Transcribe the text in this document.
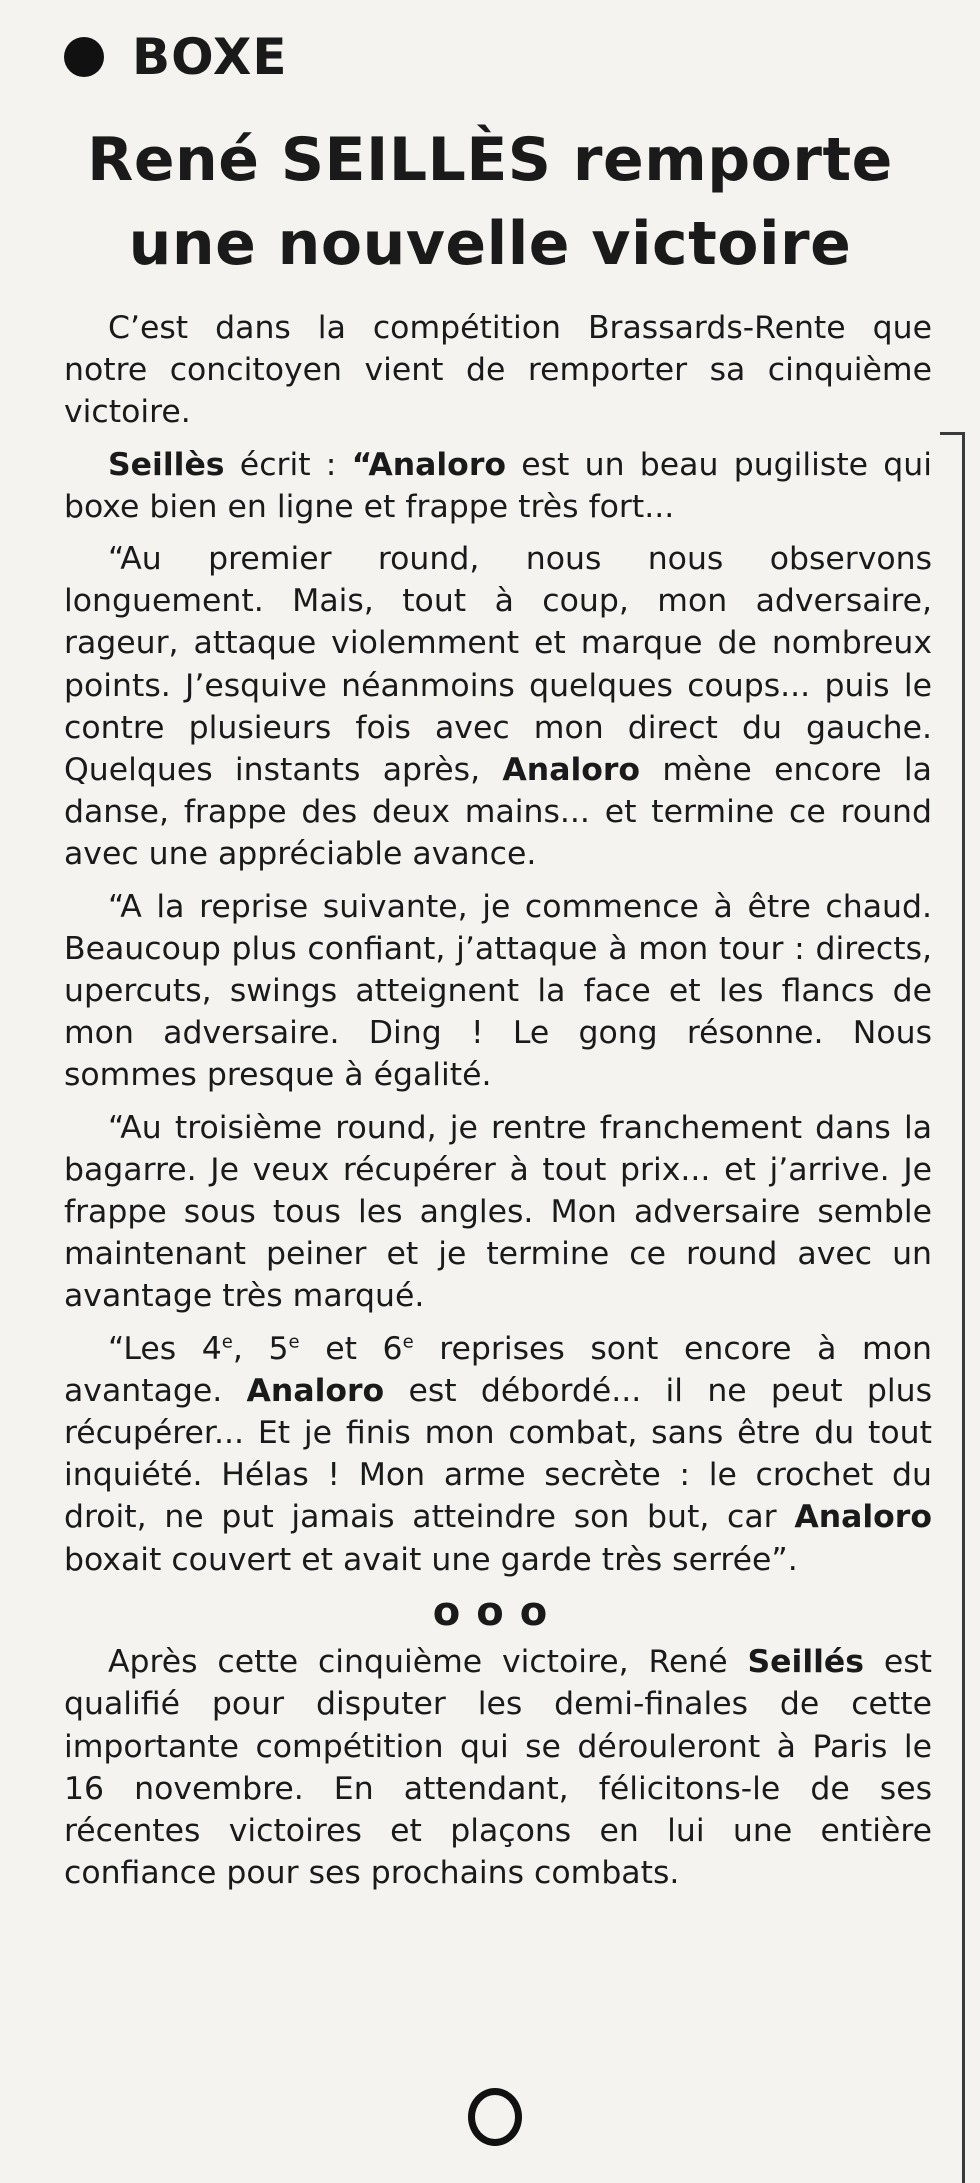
BOXE
René SEILLÈS remporte
une nouvelle victoire

C’est dans la compétition Brassards-Rente que notre concitoyen vient de remporter sa cinquième victoire.

Seillès écrit : “Analoro est un beau pugiliste qui boxe bien en ligne et frappe très fort...

“Au premier round, nous nous observons longuement. Mais, tout à coup, mon adversaire, rageur, attaque violemment et marque de nombreux points. J’esquive néanmoins quelques coups... puis le contre plusieurs fois avec mon direct du gauche. Quelques instants après, Analoro mène encore la danse, frappe des deux mains... et termine ce round avec une appréciable avance.

“A la reprise suivante, je commence à être chaud. Beaucoup plus confiant, j’attaque à mon tour : directs, upercuts, swings atteignent la face et les flancs de mon adversaire. Ding ! Le gong résonne. Nous sommes presque à égalité.

“Au troisième round, je rentre franchement dans la bagarre. Je veux récupérer à tout prix... et j’arrive. Je frappe sous tous les angles. Mon adversaire semble maintenant peiner et je termine ce round avec un avantage très marqué.

“Les 4e, 5e et 6e reprises sont encore à mon avantage. Analoro est débordé... il ne peut plus récupérer... Et je finis mon combat, sans être du tout inquiété. Hélas ! Mon arme secrète : le crochet du droit, ne put jamais atteindre son but, car Analoro boxait couvert et avait une garde très serrée”.

ooo

Après cette cinquième victoire, René Seillés est qualifié pour disputer les demi-finales de cette importante compétition qui se dérouleront à Paris le 16 novembre. En attendant, félicitons-le de ses récentes victoires et plaçons en lui une entière confiance pour ses prochains combats.
